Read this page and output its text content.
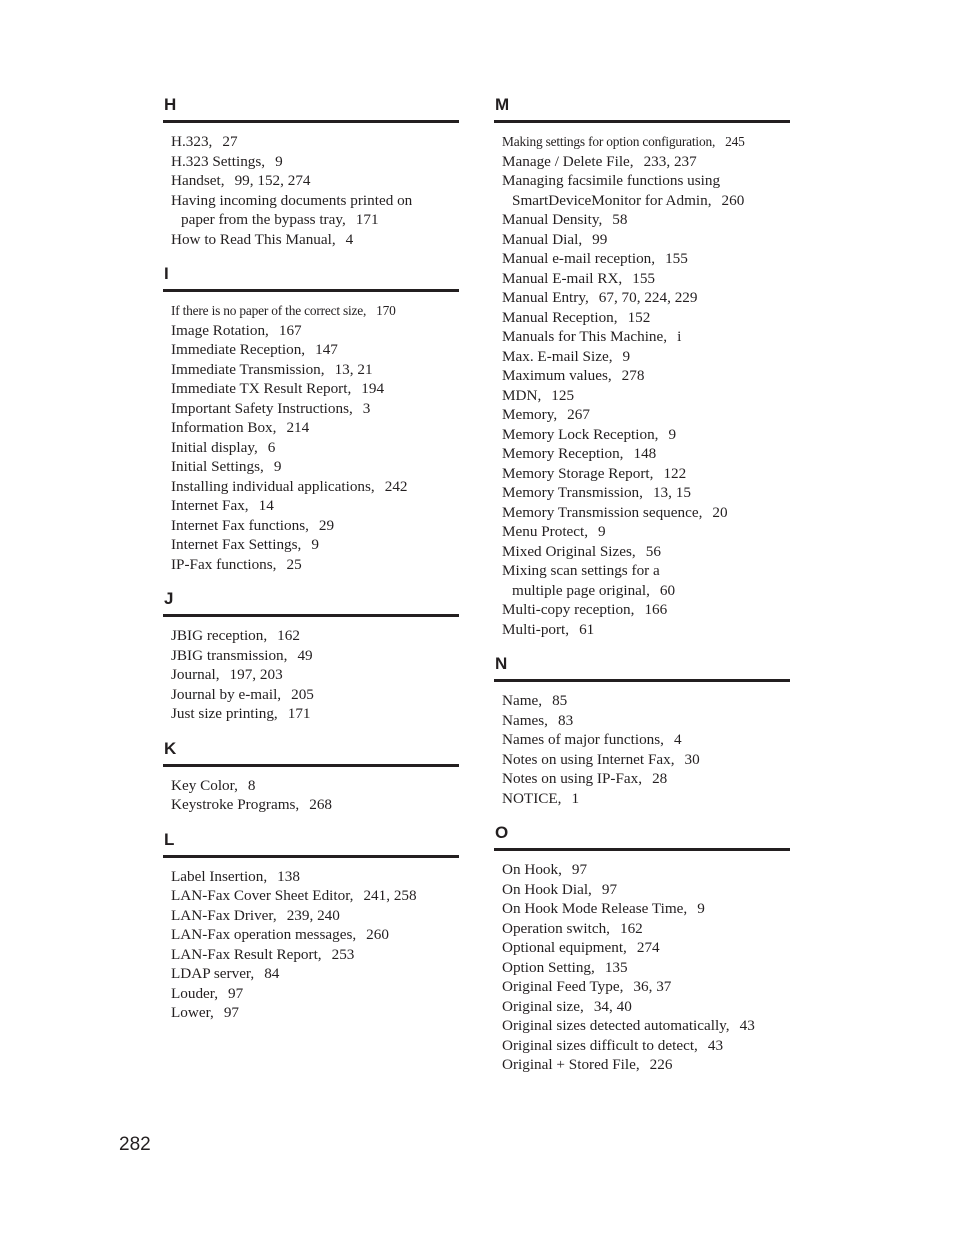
H
H.323, 27
H.323 Settings, 9
Handset, 99, 152, 274
Having incoming documents printed on
paper from the bypass tray, 171
How to Read This Manual, 4
I
If there is no paper of the correct size, 170
Image Rotation, 167
Immediate Reception, 147
Immediate Transmission, 13, 21
Immediate TX Result Report, 194
Important Safety Instructions, 3
Information Box, 214
Initial display, 6
Initial Settings, 9
Installing individual applications, 242
Internet Fax, 14
Internet Fax functions, 29
Internet Fax Settings, 9
IP-Fax functions, 25
J
JBIG reception, 162
JBIG transmission, 49
Journal, 197, 203
Journal by e-mail, 205
Just size printing, 171
K
Key Color, 8
Keystroke Programs, 268
L
Label Insertion, 138
LAN-Fax Cover Sheet Editor, 241, 258
LAN-Fax Driver, 239, 240
LAN-Fax operation messages, 260
LAN-Fax Result Report, 253
LDAP server, 84
Louder, 97
Lower, 97
M
Making settings for option configuration, 245
Manage / Delete File, 233, 237
Managing facsimile functions using
SmartDeviceMonitor for Admin, 260
Manual Density, 58
Manual Dial, 99
Manual e-mail reception, 155
Manual E-mail RX, 155
Manual Entry, 67, 70, 224, 229
Manual Reception, 152
Manuals for This Machine, i
Max. E-mail Size, 9
Maximum values, 278
MDN, 125
Memory, 267
Memory Lock Reception, 9
Memory Reception, 148
Memory Storage Report, 122
Memory Transmission, 13, 15
Memory Transmission sequence, 20
Menu Protect, 9
Mixed Original Sizes, 56
Mixing scan settings for a
multiple page original, 60
Multi-copy reception, 166
Multi-port, 61
N
Name, 85
Names, 83
Names of major functions, 4
Notes on using Internet Fax, 30
Notes on using IP-Fax, 28
NOTICE, 1
O
On Hook, 97
On Hook Dial, 97
On Hook Mode Release Time, 9
Operation switch, 162
Optional equipment, 274
Option Setting, 135
Original Feed Type, 36, 37
Original size, 34, 40
Original sizes detected automatically, 43
Original sizes difficult to detect, 43
Original + Stored File, 226
282
